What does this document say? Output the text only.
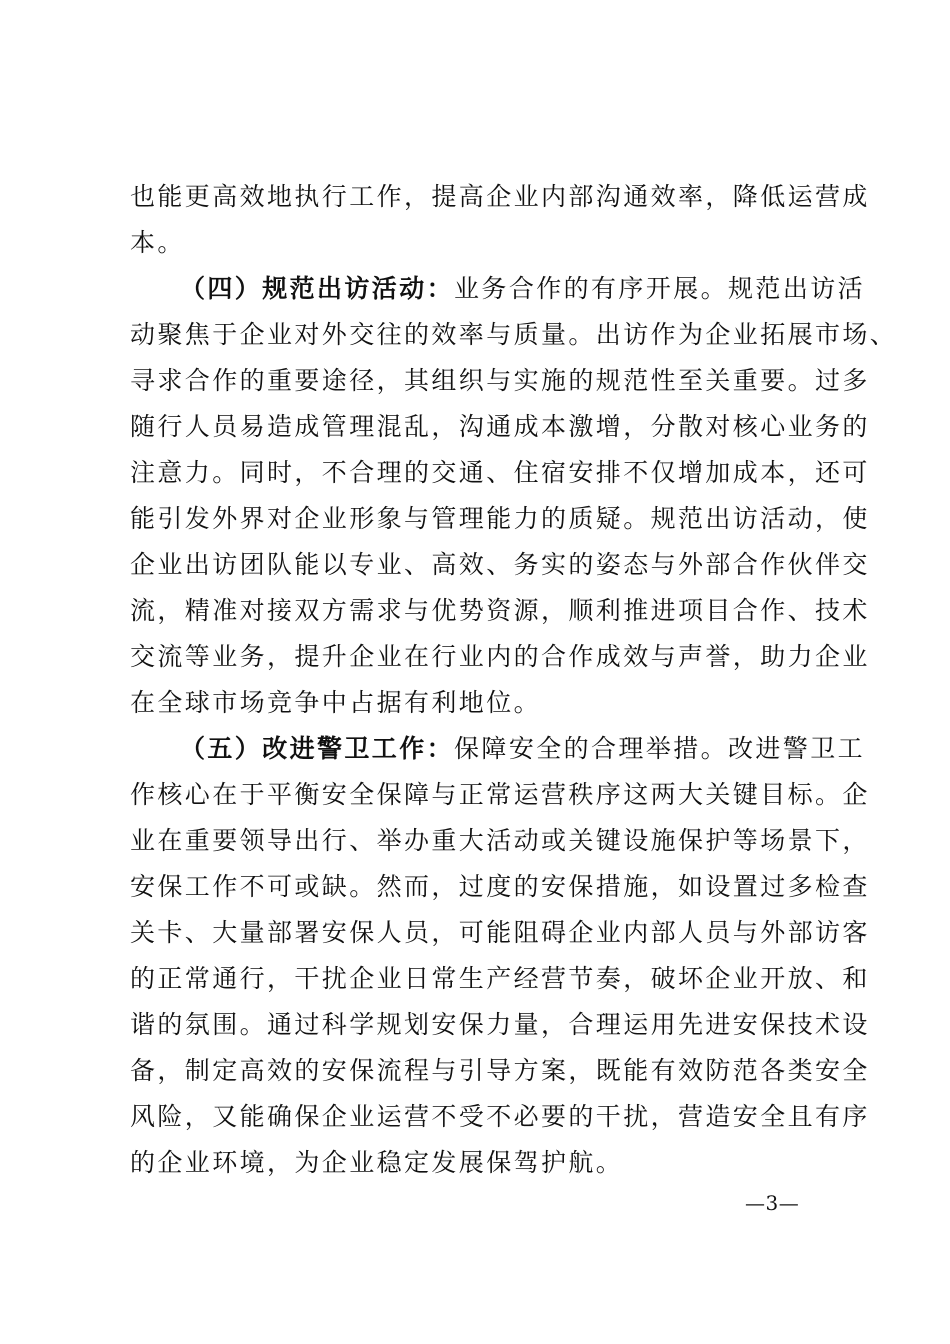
也能更高效地执行工作，提高企业内部沟通效率，降低运营成
本。
（四）规范出访活动：业务合作的有序开展。规范出访活
动聚焦于企业对外交往的效率与质量。出访作为企业拓展市场、
寻求合作的重要途径，其组织与实施的规范性至关重要。过多
随行人员易造成管理混乱，沟通成本激增，分散对核心业务的
注意力。同时，不合理的交通、住宿安排不仅增加成本，还可
能引发外界对企业形象与管理能力的质疑。规范出访活动，使
企业出访团队能以专业、高效、务实的姿态与外部合作伙伴交
流，精准对接双方需求与优势资源，顺利推进项目合作、技术
交流等业务，提升企业在行业内的合作成效与声誉，助力企业
在全球市场竞争中占据有利地位。
（五）改进警卫工作：保障安全的合理举措。改进警卫工
作核心在于平衡安全保障与正常运营秩序这两大关键目标。企
业在重要领导出行、举办重大活动或关键设施保护等场景下，
安保工作不可或缺。然而，过度的安保措施，如设置过多检查
关卡、大量部署安保人员，可能阻碍企业内部人员与外部访客
的正常通行，干扰企业日常生产经营节奏，破坏企业开放、和
谐的氛围。通过科学规划安保力量，合理运用先进安保技术设
备，制定高效的安保流程与引导方案，既能有效防范各类安全
风险，又能确保企业运营不受不必要的干扰，营造安全且有序
的企业环境，为企业稳定发展保驾护航。
—3—
